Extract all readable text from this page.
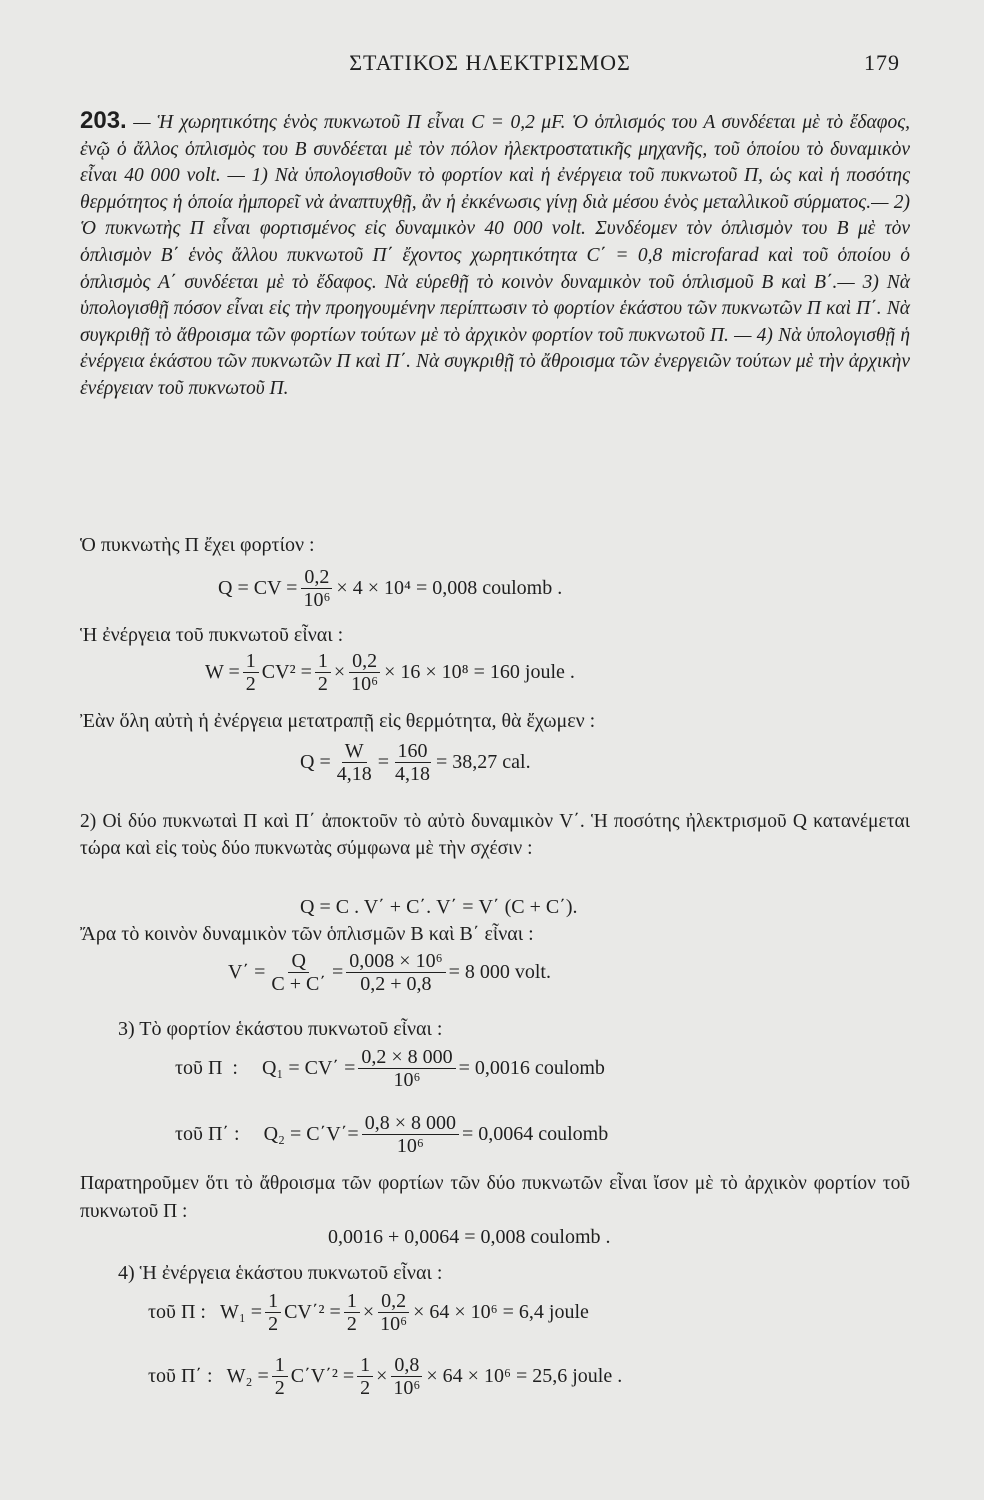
ΣΤΑΤΙΚΟΣ ΗΛΕΚΤΡΙΣΜΟΣ	179
203. — Ἡ χωρητικότης ἑνὸς πυκνωτοῦ Π εἶναι C = 0,2 μF. Ὁ ὁπλισμός του Α συνδέεται μὲ τὸ ἔδαφος, ἐνῷ ὁ ἄλλος ὁπλισμὸς του Β συνδέεται μὲ τὸν πόλον ἠλεκτροστατικῆς μηχανῆς, τοῦ ὁποίου τὸ δυναμικὸν εἶναι 40 000 volt. — 1) Νὰ ὑπολογισθοῦν τὸ φορτίον καὶ ἡ ἐνέργεια τοῦ πυκνωτοῦ Π, ὡς καὶ ἡ ποσότης θερμότητος ἡ ὁποία ἠμπορεῖ νὰ ἀναπτυχθῇ, ἂν ἡ ἐκκένωσις γίνῃ διὰ μέσου ἑνὸς μεταλλικοῦ σύρματος.— 2) Ὁ πυκνωτὴς Π εἶναι φορτισμένος εἰς δυναμικὸν 40 000 volt. Συνδέομεν τὸν ὁπλισμὸν του Β μὲ τὸν ὁπλισμὸν Β΄ ἑνὸς ἄλλου πυκνωτοῦ Π΄ ἔχοντος χωρητικότητα C΄ = 0,8 microfarad καὶ τοῦ ὁποίου ὁ ὁπλισμὸς Α΄ συνδέεται μὲ τὸ ἔδαφος. Νὰ εὑρεθῇ τὸ κοινὸν δυναμικὸν τοῦ ὁπλισμοῦ Β καὶ Β΄.— 3) Νὰ ὑπολογισθῇ πόσον εἶναι εἰς τὴν προηγουμένην περίπτωσιν τὸ φορτίον ἑκάστου τῶν πυκνωτῶν Π καὶ Π΄. Νὰ συγκριθῇ τὸ ἄθροισμα τῶν φορτίων τούτων μὲ τὸ ἀρχικὸν φορτίον τοῦ πυκνωτοῦ Π. — 4) Νὰ ὑπολογισθῇ ἡ ἐνέργεια ἑκάστου τῶν πυκνωτῶν Π καὶ Π΄. Νὰ συγκριθῇ τὸ ἄθροισμα τῶν ἐνεργειῶν τούτων μὲ τὴν ἀρχικὴν ἐνέργειαν τοῦ πυκνωτοῦ Π.
Ὁ πυκνωτὴς Π ἔχει φορτίον :
Q = CV = $\frac{0,2}{\text{10⁶}} \times 4 \times 10^4 = 0,008$ coulomb .
Ἡ ἐνέργεια τοῦ πυκνωτοῦ εἶναι :
$W = \frac{1}{2} CV^2 = \frac{1}{2} \times \frac{0,2}{\text{10⁶}} \times 16 \times 10^8 = 160$ joule .
Ἐὰν ὅλη αὐτὴ ἡ ἐνέργεια μετατραπῇ εἰς θερμότητα, θὰ ἔχωμεν :
$Q = \frac{W}{4,18} = \frac{160}{4,18} = 38,27$ cal.
2) Οἱ δύο πυκνωταὶ Π καὶ Π΄ ἀποκτοῦν τὸ αὐτὸ δυναμικὸν V΄. Ἡ ποσότης ἠλεκτρισμοῦ Q κατανέμεται τώρα καὶ εἰς τοὺς δύο πυκνωτὰς σύμφωνα μὲ τὴν σχέσιν :
Q = C . V΄ + C΄. V΄ = V΄ (C + C΄).
Ἄρα τὸ κοινὸν δυναμικὸν τῶν ὁπλισμῶν Β καὶ Β΄ εἶναι :
$V΄ = \frac{Q}{C + C΄} = \frac{\text{0,008 × 10⁶}}{0,2 + 0,8} = 8$ 000 volt.
3) Τὸ φορτίον ἑκάστου πυκνωτοῦ εἶναι :
τοῦ Π  : $Q_1 = CV΄ = \frac{0,2 \times 8 000}{\text{10⁶}} = 0,0016$ coulomb
τοῦ Π΄ : $Q_2 = C΄V΄= \frac{0,8 \times 8 000}{\text{10⁶}} = 0,0064$ coulomb
Παρατηροῦμεν ὅτι τὸ ἄθροισμα τῶν φορτίων τῶν δύο πυκνωτῶν εἶναι ἴσον μὲ τὸ ἀρχικὸν φορτίον τοῦ πυκνωτοῦ Π :
0,0016 + 0,0064 = 0,008 coulomb .
4) Ἡ ἐνέργεια ἑκάστου πυκνωτοῦ εἶναι :
τοῦ Π : $W_1 = \frac{1}{2} CV΄^2 = \frac{1}{2} \times \frac{0,2}{\text{10⁶}} \times 64 \times 10^6 = 6,4$ joule
τοῦ Π΄ : $W_2 = \frac{1}{2} C΄V΄^2 = \frac{1}{2} \times \frac{0,8}{\text{10⁶}} \times 64 \times 10^6 = 25,6$ joule .
